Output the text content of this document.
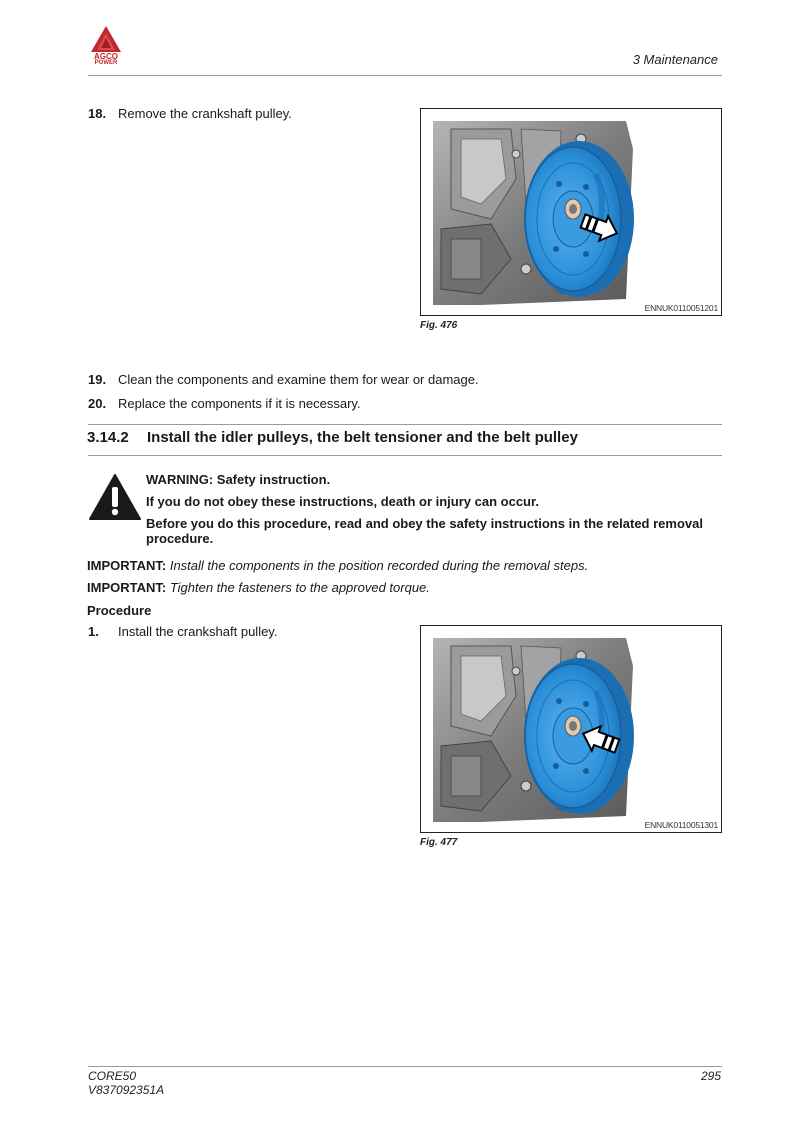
AGCO
POWER	3 Maintenance
18. Remove the crankshaft pulley.
ENNUK0110051201
Fig. 476
19. Clean the components and examine them for wear or damage.
20. Replace the components if it is necessary.
3.14.2 Install the idler pulleys, the belt tensioner and the belt pulley
WARNING: Safety instruction.
If you do not obey these instructions, death or injury can occur.
Before you do this procedure, read and obey the safety instructions in the related removal procedure.
IMPORTANT: Install the components in the position recorded during the removal steps.
IMPORTANT: Tighten the fasteners to the approved torque.
Procedure
1. Install the crankshaft pulley.
ENNUK0110051301
Fig. 477
CORE50
V837092351A
295
